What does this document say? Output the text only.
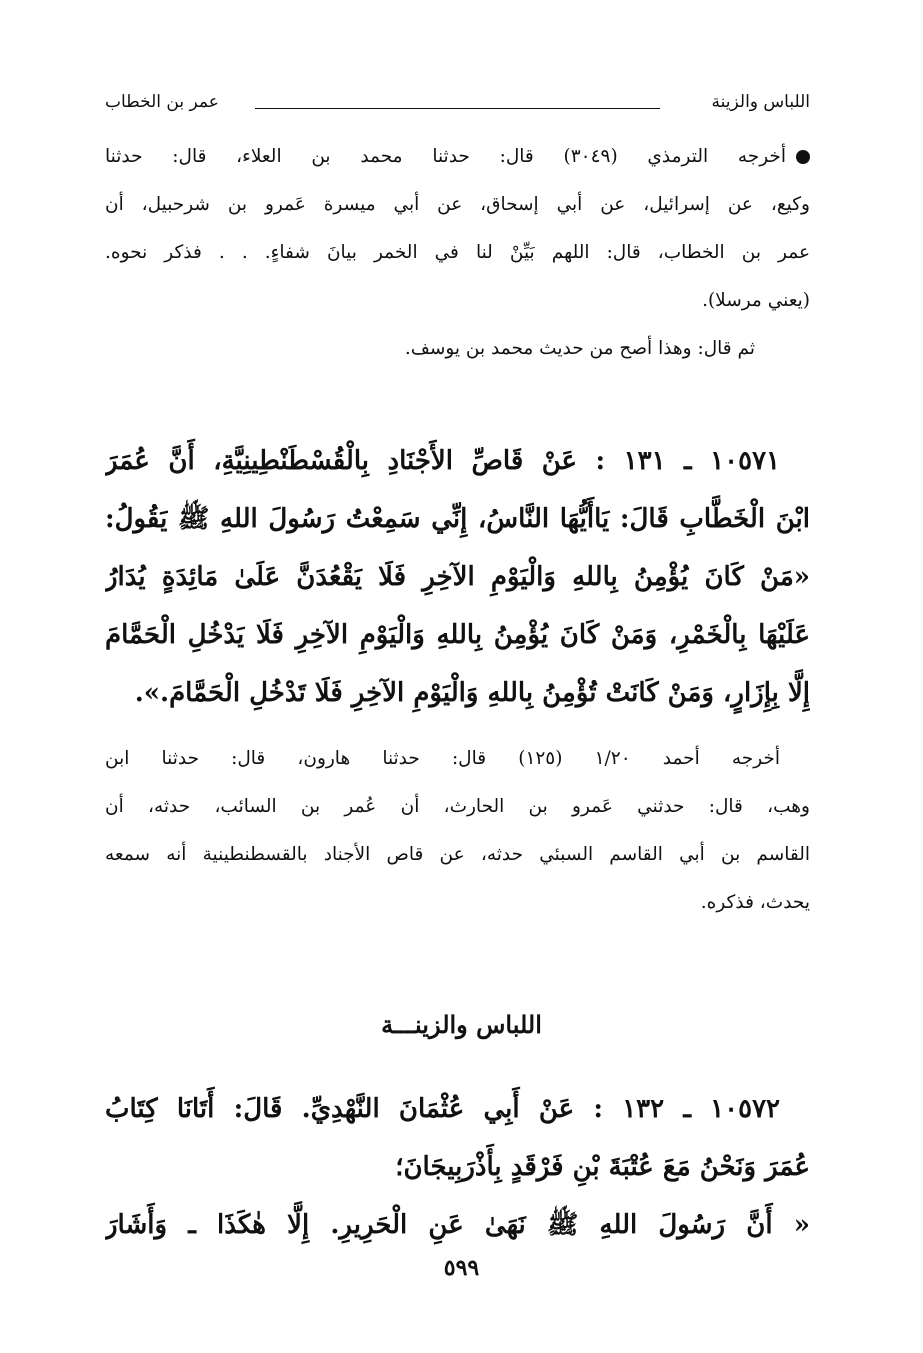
اللباس والزينة
عمر بن الخطاب
أخرجه الترمذي (٣٠٤٩) قال: حدثنا محمد بن العلاء، قال: حدثنا
وكيع، عن إسرائيل، عن أبي إسحاق، عن أبي ميسرة عَمرو بن شرحبيل، أن
عمر بن الخطاب، قال: اللهم بَيِّنْ لنا في الخمر بيانَ شفاءٍ. . . فذكر نحوه.
(يعني مرسلا).
ثم قال: وهذا أصح من حديث محمد بن يوسف.
١٠٥٧١ ـ ١٣١ : عَنْ قَاصِّ الأَجْنَادِ بِالْقُسْطَنْطِينِيَّةِ، أَنَّ عُمَرَ
ابْنَ الْخَطَّابِ قَالَ: يَاأَيُّهَا النَّاسُ، إِنِّي سَمِعْتُ رَسُولَ اللهِ ﷺ يَقُولُ:
«مَنْ كَانَ يُؤْمِنُ بِاللهِ وَالْيَوْمِ الآخِرِ فَلَا يَقْعُدَنَّ عَلَىٰ مَائِدَةٍ يُدَارُ
عَلَيْهَا بِالْخَمْرِ، وَمَنْ كَانَ يُؤْمِنُ بِاللهِ وَالْيَوْمِ الآخِرِ فَلَا يَدْخُلِ الْحَمَّامَ
إِلَّا بِإِزَارٍ، وَمَنْ كَانَتْ تُؤْمِنُ بِاللهِ وَالْيَوْمِ الآخِرِ فَلَا تَدْخُلِ الْحَمَّامَ.».
أخرجه أحمد ١/٢٠ (١٢٥) قال: حدثنا هارون، قال: حدثنا ابن
وهب، قال: حدثني عَمرو بن الحارث، أن عُمر بن السائب، حدثه، أن
القاسم بن أبي القاسم السبئي حدثه، عن قاص الأجناد بالقسطنطينية أنه سمعه
يحدث، فذكره.
اللباس والزينـــة
١٠٥٧٢ ـ ١٣٢ : عَنْ أَبِي عُثْمَانَ النَّهْدِيِّ. قَالَ: أَتَانَا كِتَابُ
عُمَرَ وَنَحْنُ مَعَ عُتْبَةَ بْنِ فَرْقَدٍ بِأَذْرَبِيجَانَ؛
« أَنَّ رَسُولَ اللهِ ﷺ نَهَىٰ عَنِ الْحَرِيرِ. إِلَّا هٰكَذَا ـ وَأَشَارَ
٥٩٩
